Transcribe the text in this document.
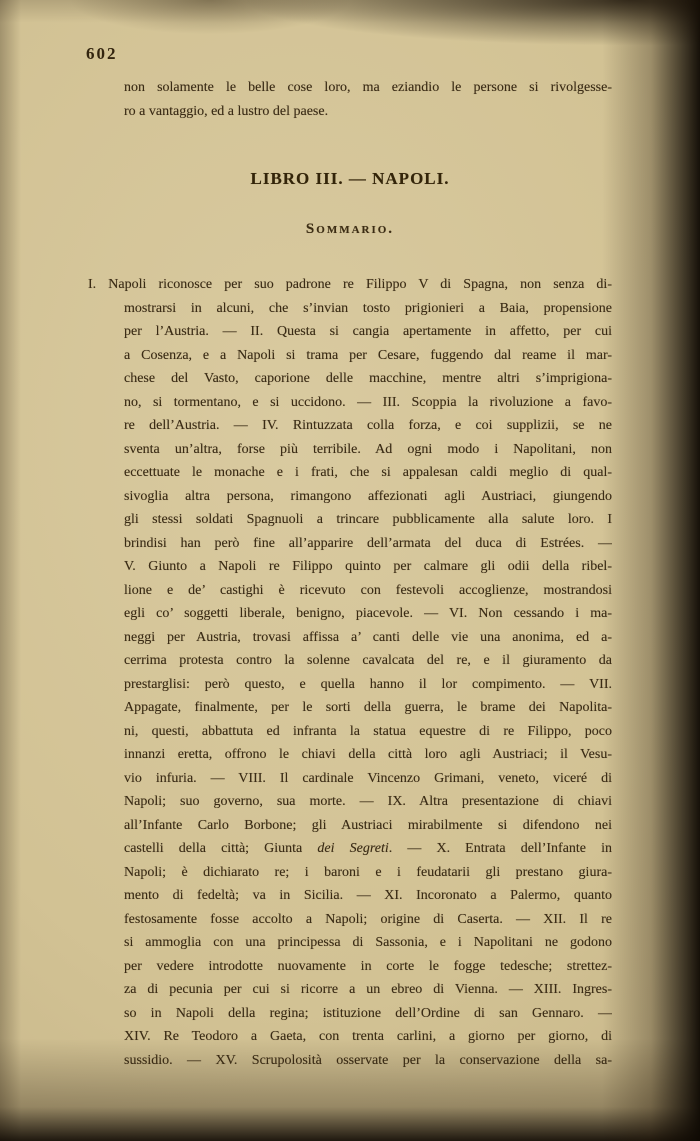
602
non solamente le belle cose loro, ma eziandio le persone si rivolgesse-
ro a vantaggio, ed a lustro del paese.
LIBRO III. — NAPOLI.
Sommario.
I. Napoli riconosce per suo padrone re Filippo V di Spagna, non senza di-
mostrarsi in alcuni, che s’invian tosto prigionieri a Baia, propensione
per l’Austria. — II. Questa si cangia apertamente in affetto, per cui
a Cosenza, e a Napoli si trama per Cesare, fuggendo dal reame il mar-
chese del Vasto, caporione delle macchine, mentre altri s’imprigiona-
no, si tormentano, e si uccidono. — III. Scoppia la rivoluzione a favo-
re dell’Austria. — IV. Rintuzzata colla forza, e coi supplizii, se ne
sventa un’altra, forse più terribile. Ad ogni modo i Napolitani, non
eccettuate le monache e i frati, che si appalesan caldi meglio di qual-
sivoglia altra persona, rimangono affezionati agli Austriaci, giungendo
gli stessi soldati Spagnuoli a trincare pubblicamente alla salute loro. I
brindisi han però fine all’apparire dell’armata del duca di Estrées. —
V. Giunto a Napoli re Filippo quinto per calmare gli odii della ribel-
lione e de’ castighi è ricevuto con festevoli accoglienze, mostrandosi
egli co’ soggetti liberale, benigno, piacevole. — VI. Non cessando i ma-
neggi per Austria, trovasi affissa a’ canti delle vie una anonima, ed a-
cerrima protesta contro la solenne cavalcata del re, e il giuramento da
prestarglisi: però questo, e quella hanno il lor compimento. — VII.
Appagate, finalmente, per le sorti della guerra, le brame dei Napolita-
ni, questi, abbattuta ed infranta la statua equestre di re Filippo, poco
innanzi eretta, offrono le chiavi della città loro agli Austriaci; il Vesu-
vio infuria. — VIII. Il cardinale Vincenzo Grimani, veneto, viceré di
Napoli; suo governo, sua morte. — IX. Altra presentazione di chiavi
all’Infante Carlo Borbone; gli Austriaci mirabilmente si difendono nei
castelli della città; Giunta dei Segreti. — X. Entrata dell’Infante in
Napoli; è dichiarato re; i baroni e i feudatarii gli prestano giura-
mento di fedeltà; va in Sicilia. — XI. Incoronato a Palermo, quanto
festosamente fosse accolto a Napoli; origine di Caserta. — XII. Il re
si ammoglia con una principessa di Sassonia, e i Napolitani ne godono
per vedere introdotte nuovamente in corte le fogge tedesche; strettez-
za di pecunia per cui si ricorre a un ebreo di Vienna. — XIII. Ingres-
so in Napoli della regina; istituzione dell’Ordine di san Gennaro. —
XIV. Re Teodoro a Gaeta, con trenta carlini, a giorno per giorno, di
sussidio. — XV. Scrupolosità osservate per la conservazione della sa-
